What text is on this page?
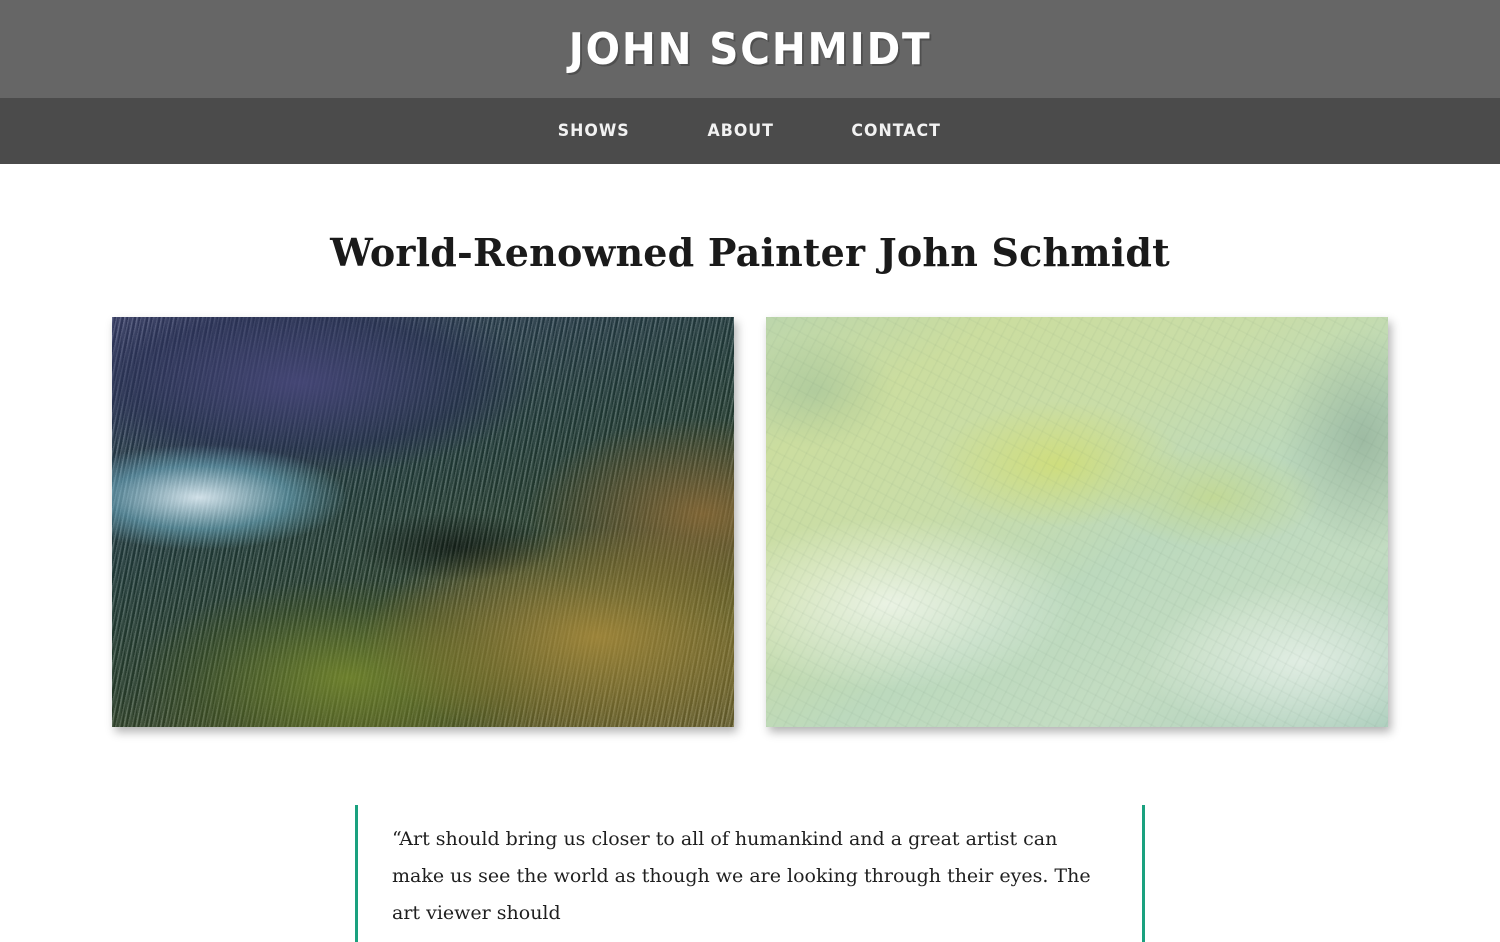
JOHN SCHMIDT
SHOWS	ABOUT	CONTACT
World-Renowned Painter John Schmidt

“Art should bring us closer to all of humankind and a great artist can make us see the world as though we are looking through their eyes. The art viewer should
